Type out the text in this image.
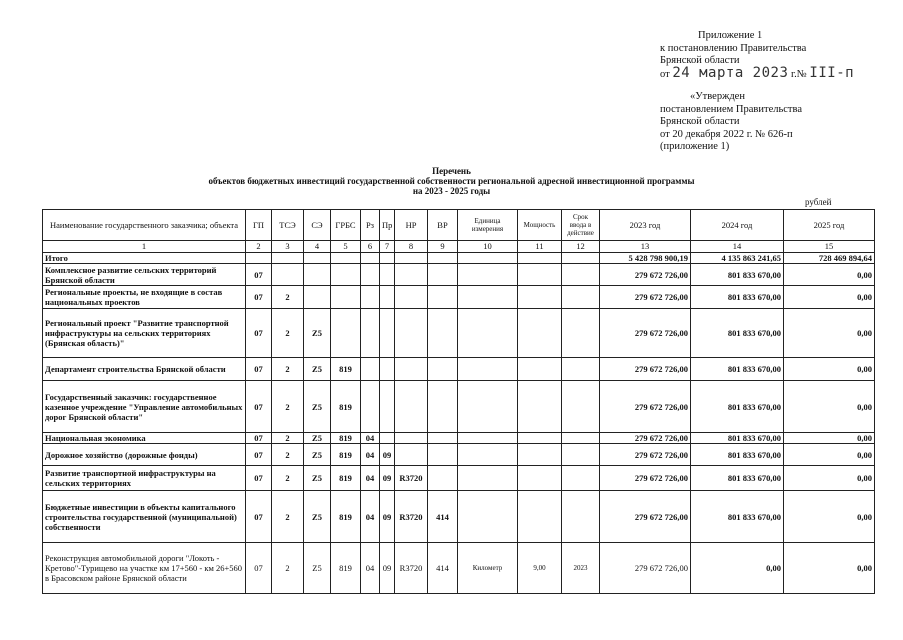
Приложение 1
к постановлению Правительства
Брянской области
от 24 марта 2023 г.№ III-п
«Утвержден
постановлением Правительства
Брянской области
от 20 декабря 2022 г. № 626-п
(приложение 1)
Перечень
объектов бюджетных инвестиций государственной собственности региональной адресной инвестиционной программы
на 2023 - 2025 годы
рублей
Наименование государственного заказчика; объекта	ГП	ТСЭ	СЭ	ГРБС	Рз	Пр	НР	ВР	Единица измерения	Мощность	Срок ввода в действие	2023 год	2024 год	2025 год
1	2	3	4	5	6	7	8	9	10	11	12	13	14	15
Итого												5 428 798 900,19	4 135 863 241,65	728 469 894,64
Комплексное развитие сельских территорий Брянской области	07											279 672 726,00	801 833 670,00	0,00
Региональные проекты, не входящие в состав национальных проектов	07	2										279 672 726,00	801 833 670,00	0,00
Региональный проект "Развитие транспортной инфраструктуры на сельских территориях (Брянская область)"	07	2	Z5									279 672 726,00	801 833 670,00	0,00
Департамент строительства Брянской области	07	2	Z5	819								279 672 726,00	801 833 670,00	0,00
Государственный заказчик: государственное казенное учреждение "Управление автомобильных дорог Брянской области"	07	2	Z5	819								279 672 726,00	801 833 670,00	0,00
Национальная экономика	07	2	Z5	819	04							279 672 726,00	801 833 670,00	0,00
Дорожное хозяйство (дорожные фонды)	07	2	Z5	819	04	09						279 672 726,00	801 833 670,00	0,00
Развитие транспортной инфраструктуры на сельских территориях	07	2	Z5	819	04	09	R3720					279 672 726,00	801 833 670,00	0,00
Бюджетные инвестиции в объекты капитального строительства государственной (муниципальной) собственности	07	2	Z5	819	04	09	R3720	414				279 672 726,00	801 833 670,00	0,00
Реконструкция автомобильной дороги "Локоть - Кретово"-Турищево на участке км 17+560 - км 26+560 в Брасовском районе Брянской области	07	2	Z5	819	04	09	R3720	414	Километр	9,00	2023	279 672 726,00	0,00	0,00
